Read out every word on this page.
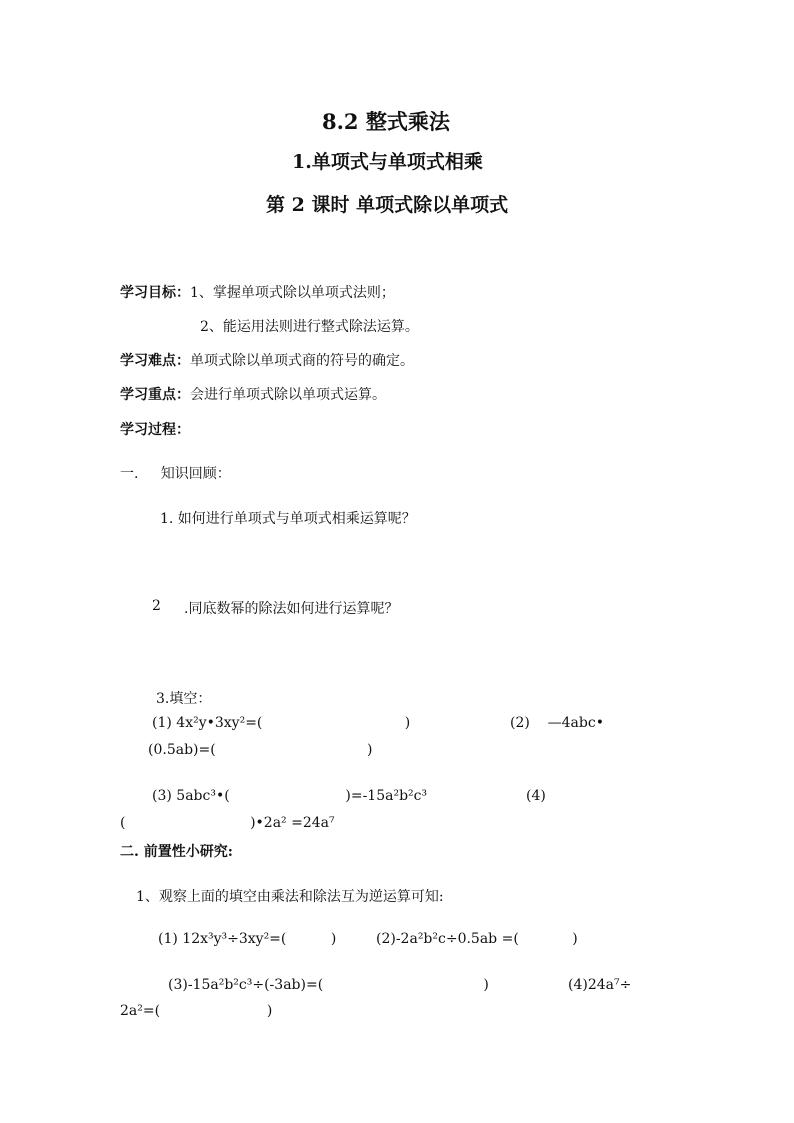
8.2 整式乘法
1.单项式与单项式相乘
第 2 课时 单项式除以单项式
学习目标：1、掌握单项式除以单项式法则；
2、能运用法则进行整式除法运算。
学习难点：单项式除以单项式商的符号的确定。
学习重点：会进行单项式除以单项式运算。
学习过程：
一.     知识回顾：
1. 如何进行单项式与单项式相乘运算呢？
2 .同底数幂的除法如何进行运算呢？
3.填空：
(1) 4x²y•3xy²=(                                )	(2)    —4abc•
(0.5ab)=(                                  )
(3) 5abc³•(                          )=-15a²b²c³	(4)
(                            )•2a² =24a⁷
二. 前置性小研究:
1、观察上面的填空由乘法和除法互为逆运算可知:
(1) 12x³y³÷3xy²=(          )	(2)-2a²b²c÷0.5ab =(            )
(3)-15a²b²c³÷(-3ab)=(                                    )	(4)24a⁷÷
2a²=(                        )
